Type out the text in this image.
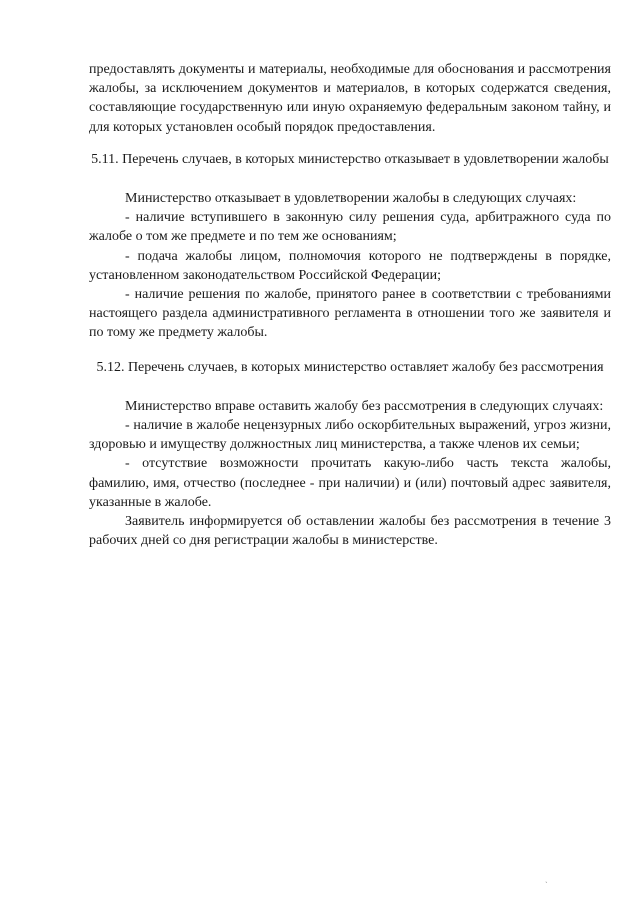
предоставлять документы и материалы, необходимые для обоснования и рассмотрения жалобы, за исключением документов и материалов, в которых содержатся сведения, составляющие государственную или иную охраняемую федеральным законом тайну, и для которых установлен особый порядок предоставления.

5.11. Перечень случаев, в которых министерство отказывает в удовлетворении жалобы

Министерство отказывает в удовлетворении жалобы в следующих случаях:

- наличие вступившего в законную силу решения суда, арбитражного суда по жалобе о том же предмете и по тем же основаниям;

- подача жалобы лицом, полномочия которого не подтверждены в порядке, установленном законодательством Российской Федерации;

- наличие решения по жалобе, принятого ранее в соответствии с требованиями настоящего раздела административного регламента в отношении того же заявителя и по тому же предмету жалобы.

5.12. Перечень случаев, в которых министерство оставляет жалобу без рассмотрения

Министерство вправе оставить жалобу без рассмотрения в следующих случаях:

- наличие в жалобе нецензурных либо оскорбительных выражений, угроз жизни, здоровью и имуществу должностных лиц министерства, а также членов их семьи;

- отсутствие возможности прочитать какую-либо часть текста жалобы, фамилию, имя, отчество (последнее - при наличии) и (или) почтовый адрес заявителя, указанные в жалобе.

Заявитель информируется об оставлении жалобы без рассмотрения в течение 3 рабочих дней со дня регистрации жалобы в министерстве.

ˎ
